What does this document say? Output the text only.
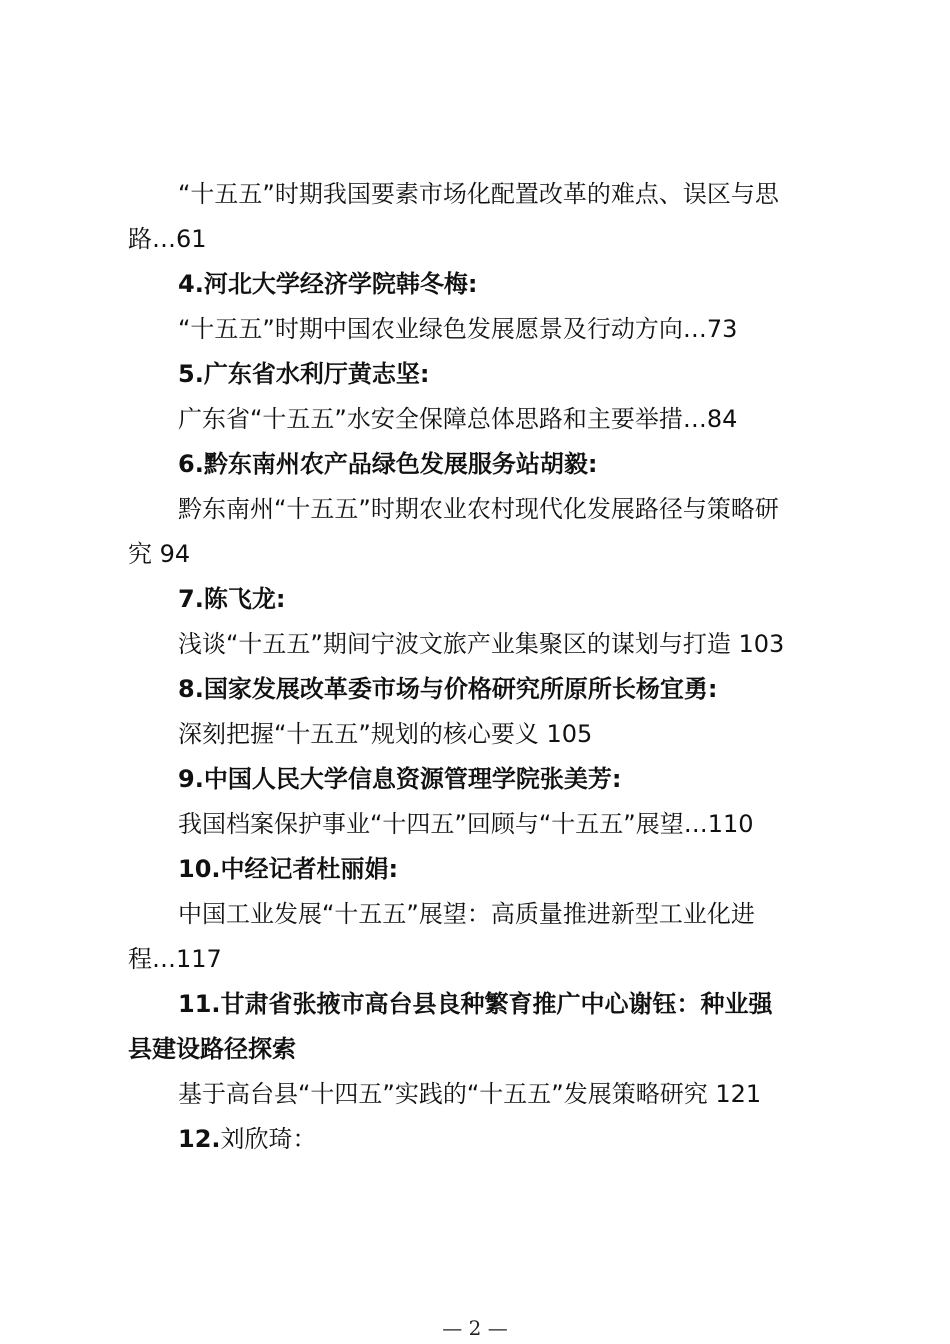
“十五五”时期我国要素市场化配置改革的难点、误区与思
路…61
4.河北大学经济学院韩冬梅:
“十五五”时期中国农业绿色发展愿景及行动方向…73
5.广东省水利厅黄志坚:
广东省“十五五”水安全保障总体思路和主要举措…84
6.黔东南州农产品绿色发展服务站胡毅:
黔东南州“十五五”时期农业农村现代化发展路径与策略研
究 94
7.陈飞龙:
浅谈“十五五”期间宁波文旅产业集聚区的谋划与打造 103
8.国家发展改革委市场与价格研究所原所长杨宜勇:
深刻把握“十五五”规划的核心要义 105
9.中国人民大学信息资源管理学院张美芳:
我国档案保护事业“十四五”回顾与“十五五”展望…110
10.中经记者杜丽娟:
中国工业发展“十五五”展望：高质量推进新型工业化进
程…117
11.甘肃省张掖市高台县良种繁育推广中心谢钰：种业强
县建设路径探索
基于高台县“十四五”实践的“十五五”发展策略研究 121
12.刘欣琦：
— 2 —
